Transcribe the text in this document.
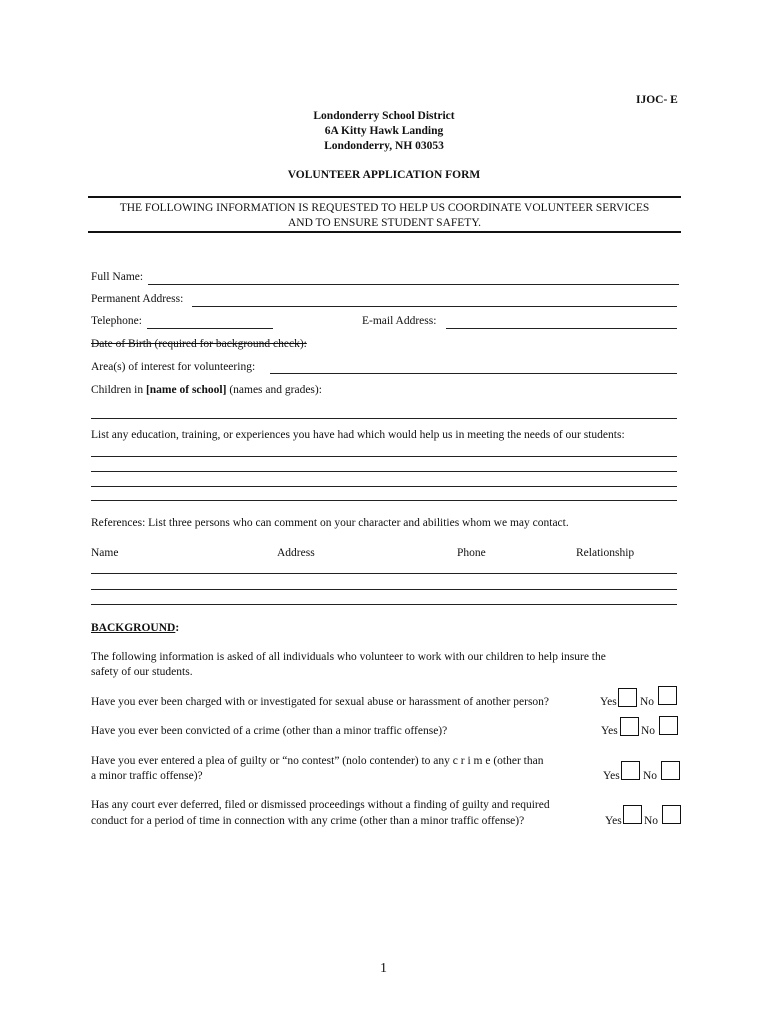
IJOC- E
Londonderry School District
6A Kitty Hawk Landing
Londonderry, NH 03053
VOLUNTEER APPLICATION FORM
THE FOLLOWING INFORMATION IS REQUESTED TO HELP US COORDINATE VOLUNTEER SERVICES
AND TO ENSURE STUDENT SAFETY.
Full Name:
Permanent Address:
Telephone:	E-mail Address:
Date of Birth (required for background check):
Area(s) of interest for volunteering:
Children in [name of school] (names and grades):
List any education, training, or experiences you have had which would help us in meeting the needs of our students:
References: List three persons who can comment on your character and abilities whom we may contact.
Name	Address	Phone	Relationship
BACKGROUND:
The following information is asked of all individuals who volunteer to work with our children to help insure the
safety of our students.
Have you ever been charged with or investigated for sexual abuse or harassment of another person?	Yes No
Have you ever been convicted of a crime (other than a minor traffic offense)?	Yes No
Have you ever entered a plea of guilty or “no contest” (nolo contender) to any c r i m e (other than
a minor traffic offense)?	Yes No
Has any court ever deferred, filed or dismissed proceedings without a finding of guilty and required
conduct for a period of time in connection with any crime (other than a minor traffic offense)?	Yes No
1
